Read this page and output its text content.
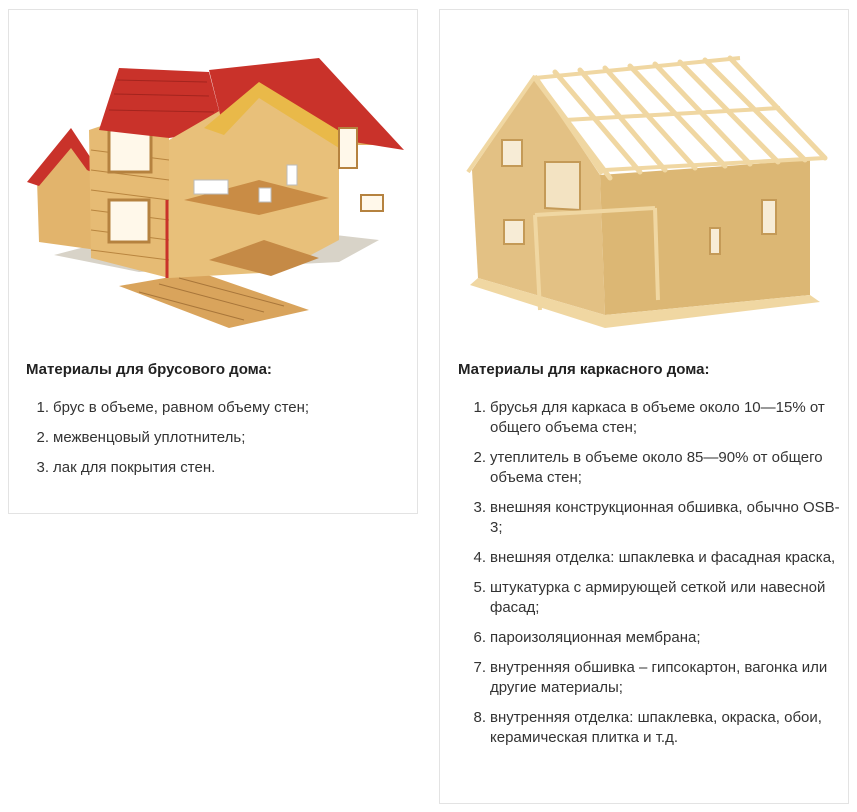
Материалы для брусового дома:
1. брус в объеме, равном объему стен;
2. межвенцовый уплотнитель;
3. лак для покрытия стен.
Материалы для каркасного дома:
1. брусья для каркаса в объеме около 10—15% от общего объема стен;
2. утеплитель в объеме около 85—90% от общего объема стен;
3. внешняя конструкционная обшивка, обычно OSB-3;
4. внешняя отделка: шпаклевка и фасадная краска,
5. штукатурка с армирующей сеткой или навесной фасад;
6. пароизоляционная мембрана;
7. внутренняя обшивка – гипсокартон, вагонка или другие материалы;
8. внутренняя отделка: шпаклевка, окраска, обои, керамическая плитка и т.д.
